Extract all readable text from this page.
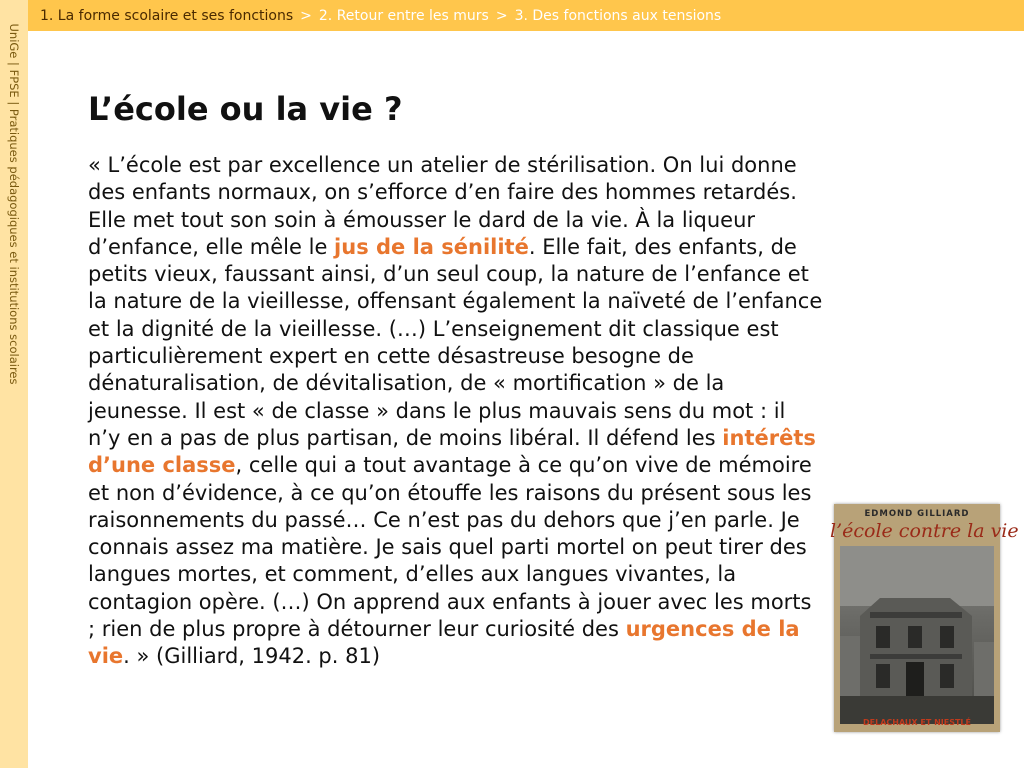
UniGe | FPSE | Pratiques pédagogiques et institutions scolaires
1. La forme scolaire et ses fonctions > 2. Retour entre les murs > 3. Des fonctions aux tensions
L’école ou la vie ?

« L’école est par excellence un atelier de stérilisation. On lui donne des enfants normaux, on s’efforce d’en faire des hommes retardés. Elle met tout son soin à émousser le dard de la vie. À la liqueur d’enfance, elle mêle le jus de la sénilité. Elle fait, des enfants, de petits vieux, faussant ainsi, d’un seul coup, la nature de l’enfance et la nature de la vieillesse, offensant également la naïveté de l’enfance et la dignité de la vieillesse. (…) L’enseignement dit classique est particulièrement expert en cette désastreuse besogne de dénaturalisation, de dévitalisation, de « mortification » de la jeunesse. Il est « de classe » dans le plus mauvais sens du mot : il n’y en a pas de plus partisan, de moins libéral. Il défend les intérêts d’une classe, celle qui a tout avantage à ce qu’on vive de mémoire et non d’évidence, à ce qu’on étouffe les raisons du présent sous les raisonnements du passé… Ce n’est pas du dehors que j’en parle. Je connais assez ma matière. Je sais quel parti mortel on peut tirer des langues mortes, et comment, d’elles aux langues vivantes, la contagion opère. (…) On apprend aux enfants à jouer avec les morts ; rien de plus propre à détourner leur curiosité des urgences de la vie. » (Gilliard, 1942. p. 81)

EDMOND GILLIARD
l’école contre la vie
DELACHAUX ET NIESTLÉ
